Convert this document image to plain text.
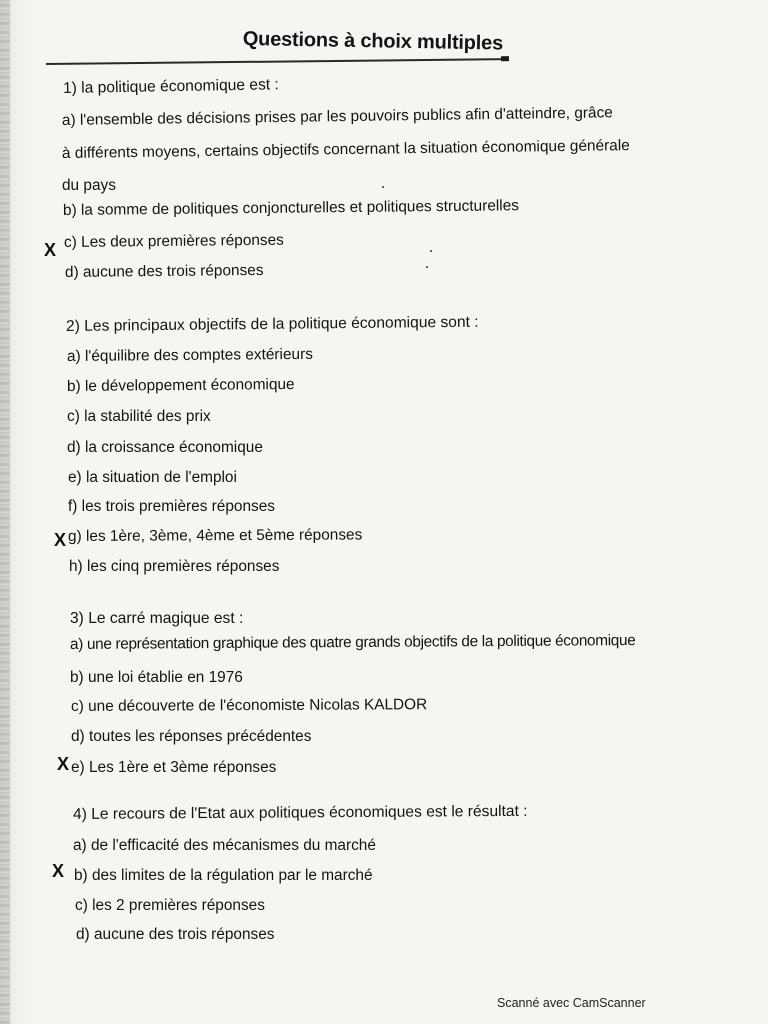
Questions à choix multiples
1) la politique économique est :
a) l'ensemble des décisions prises par les pouvoirs publics afin d'atteindre, grâce
à différents moyens, certains objectifs concernant la situation économique générale
du pays
b) la somme de politiques conjoncturelles et politiques structurelles
X c) Les deux premières réponses
d) aucune des trois réponses
2) Les principaux objectifs de la politique économique sont :
a) l'équilibre des comptes extérieurs
b) le développement économique
c) la stabilité des prix
d) la croissance économique
e) la situation de l'emploi
f) les trois premières réponses
X g) les 1ère, 3ème, 4ème et 5ème réponses
h) les cinq premières réponses
3) Le carré magique est :
a) une représentation graphique des quatre grands objectifs de la politique économique
b) une loi établie en 1976
c) une découverte de l'économiste Nicolas KALDOR
d) toutes les réponses précédentes
X e) Les 1ère et 3ème réponses
4) Le recours de l'Etat aux politiques économiques est le résultat :
a) de l'efficacité des mécanismes du marché
X b) des limites de la régulation par le marché
c) les 2 premières réponses
d) aucune des trois réponses
Scanné avec CamScanner
